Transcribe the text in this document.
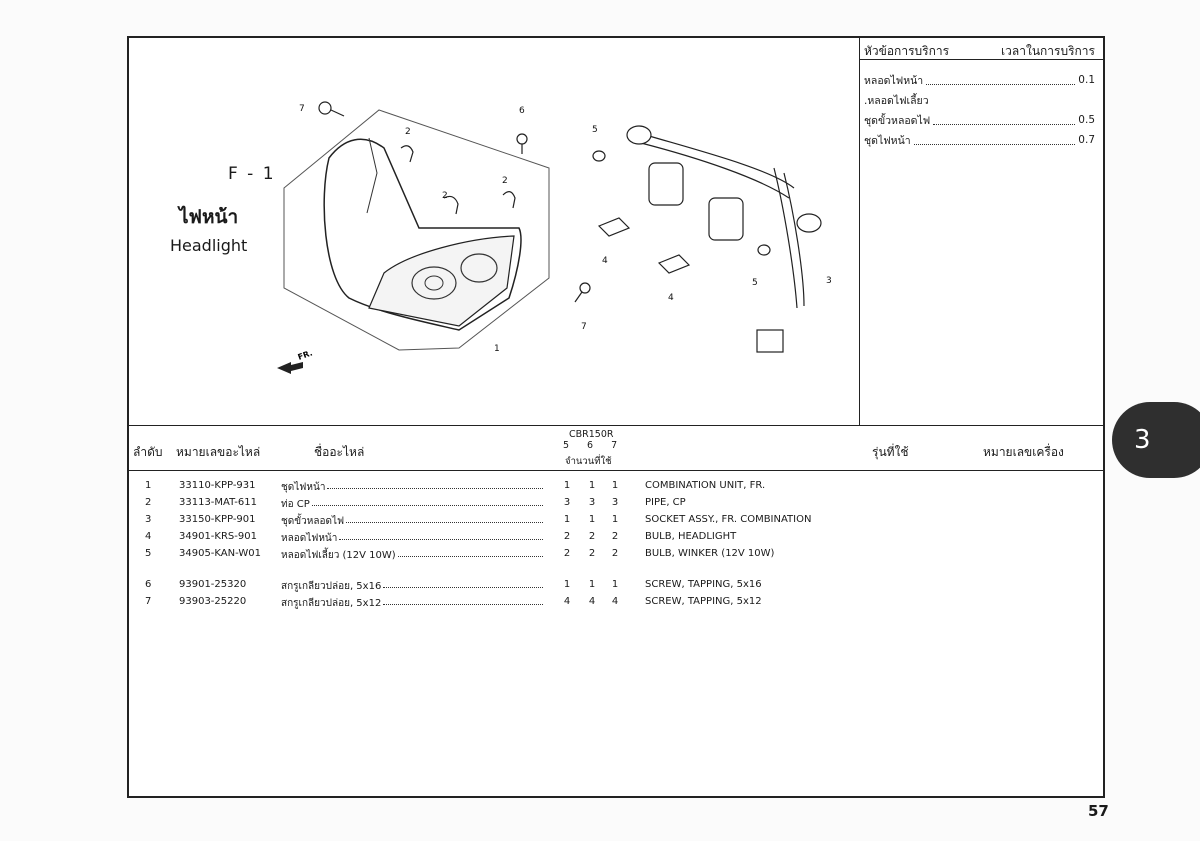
F - 1
ไฟหน้า
Headlight
FR.
7	6
5
2
2
2
4
4
5	3
1
7
หัวข้อการบริการ	เวลาในการบริการ
หลอดไฟหน้า	0.1
.หลอดไฟเลี้ยว
ชุดขั้วหลอดไฟ	0.5
ชุดไฟหน้า	0.7
ลำดับ หมายเลขอะไหล่	ชื่ออะไหล่
CBR150R
5 6 7
จำนวนที่ใช้
รุ่นที่ใช้	หมายเลขเครื่อง
1	33110-KPP-931	ชุดไฟหน้า	1 1 1	COMBINATION UNIT, FR.
2	33113-MAT-611 ท่อ CP	3 3 3	PIPE, CP
3	33150-KPP-901	ชุดขั้วหลอดไฟ	1 1 1	SOCKET ASSY., FR. COMBINATION
4	34901-KRS-901 หลอดไฟหน้า	2 2 2	BULB, HEADLIGHT
5	34905-KAN-W01 หลอดไฟเลี้ยว (12V 10W)	2 2 2	BULB, WINKER (12V 10W)
6	93901-25320	สกรูเกลียวปล่อย, 5x16	1 1 1	SCREW, TAPPING, 5x16
7	93903-25220	สกรูเกลียวปล่อย, 5x12	4 4 4	SCREW, TAPPING, 5x12
3
57
